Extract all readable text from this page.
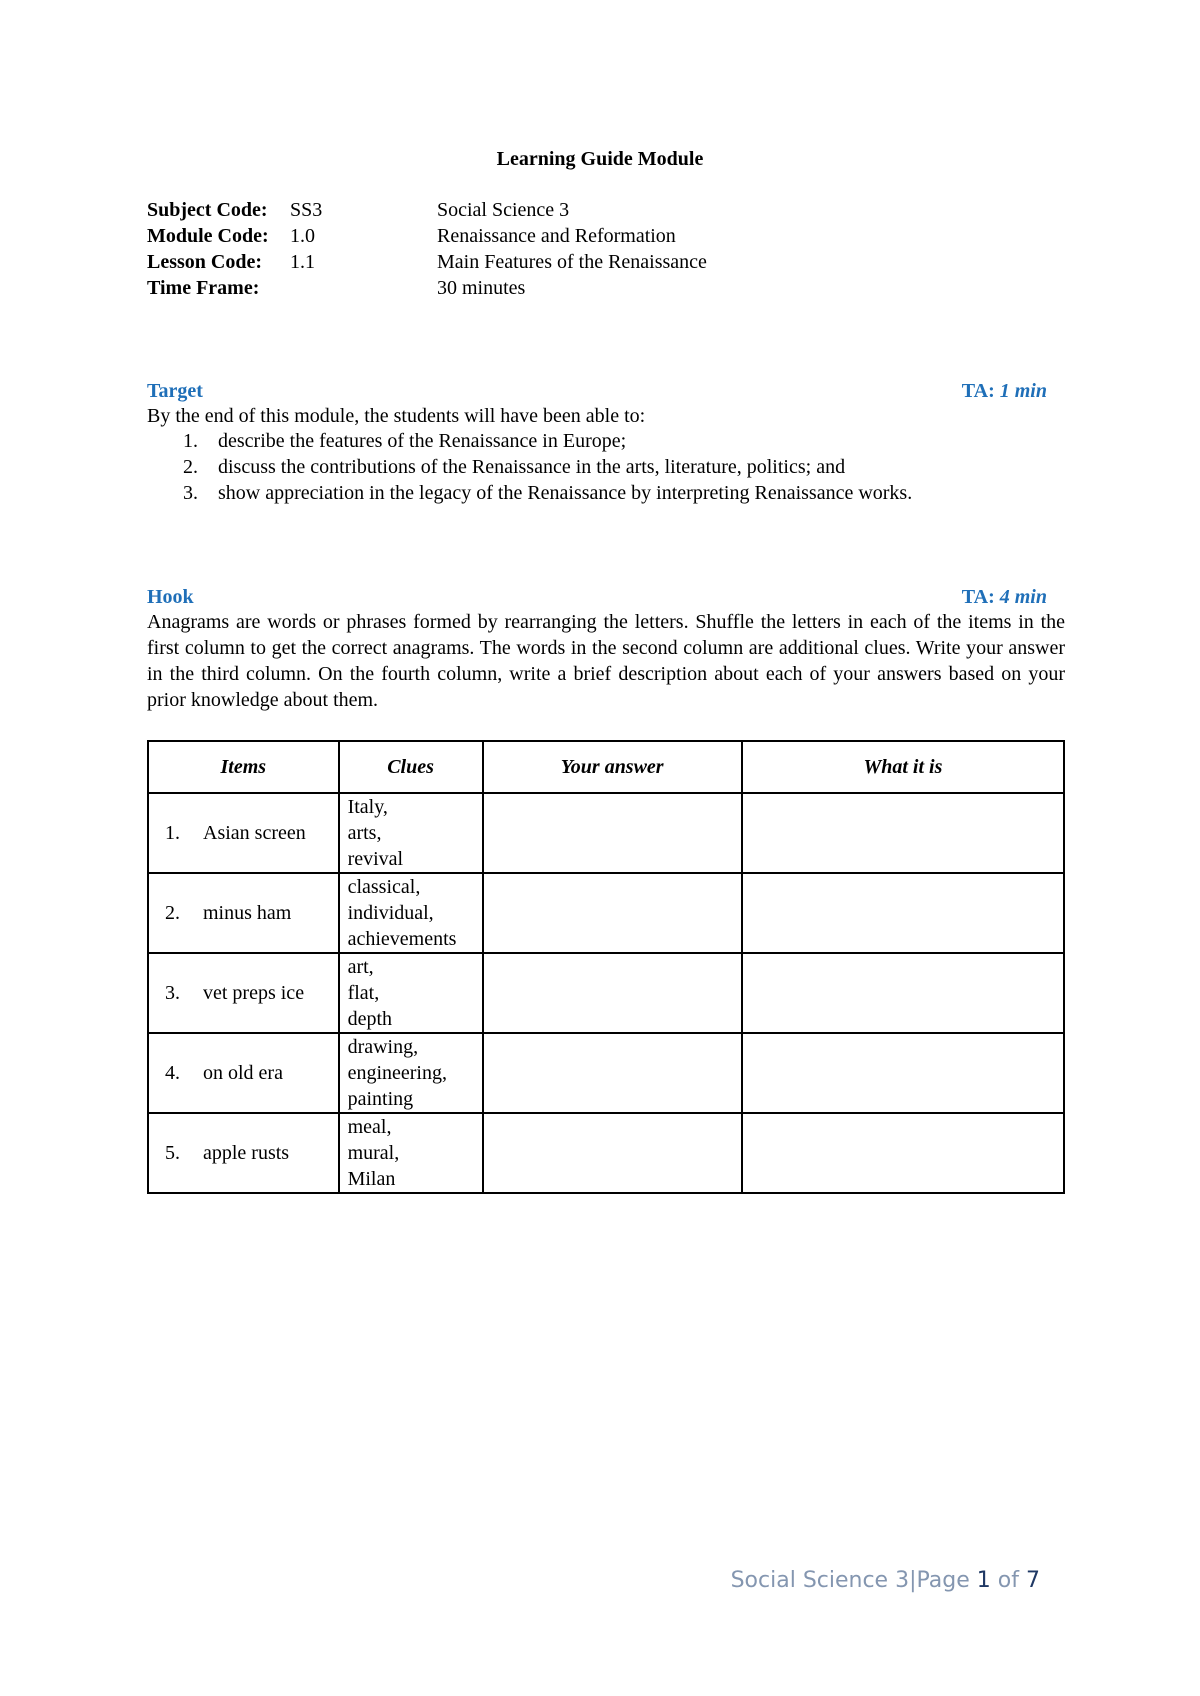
Learning Guide Module
Subject Code: SS3	Social Science 3
Module Code: 1.0	Renaissance and Reformation
Lesson Code: 1.1	Main Features of the Renaissance
Time Frame:	30 minutes
Target	TA: 1 min
By the end of this module, the students will have been able to:
1. describe the features of the Renaissance in Europe;
2. discuss the contributions of the Renaissance in the arts, literature, politics; and
3. show appreciation in the legacy of the Renaissance by interpreting Renaissance works.
Hook	TA: 4 min
Anagrams are words or phrases formed by rearranging the letters. Shuffle the letters in each of the items in the first column to get the correct anagrams. The words in the second column are additional clues. Write your answer in the third column. On the fourth column, write a brief description about each of your answers based on your prior knowledge about them.
Items	Clues	Your answer	What it is
1. Asian screen	Italy,
arts,
revival		

2. minus ham	classical,
individual,
achievements		

3. vet preps ice	art,
flat,
depth		

4. on old era	drawing,
engineering,
painting		

5. apple rusts	meal,
mural,
Milan		

Social Science 3|Page 1 of 7
